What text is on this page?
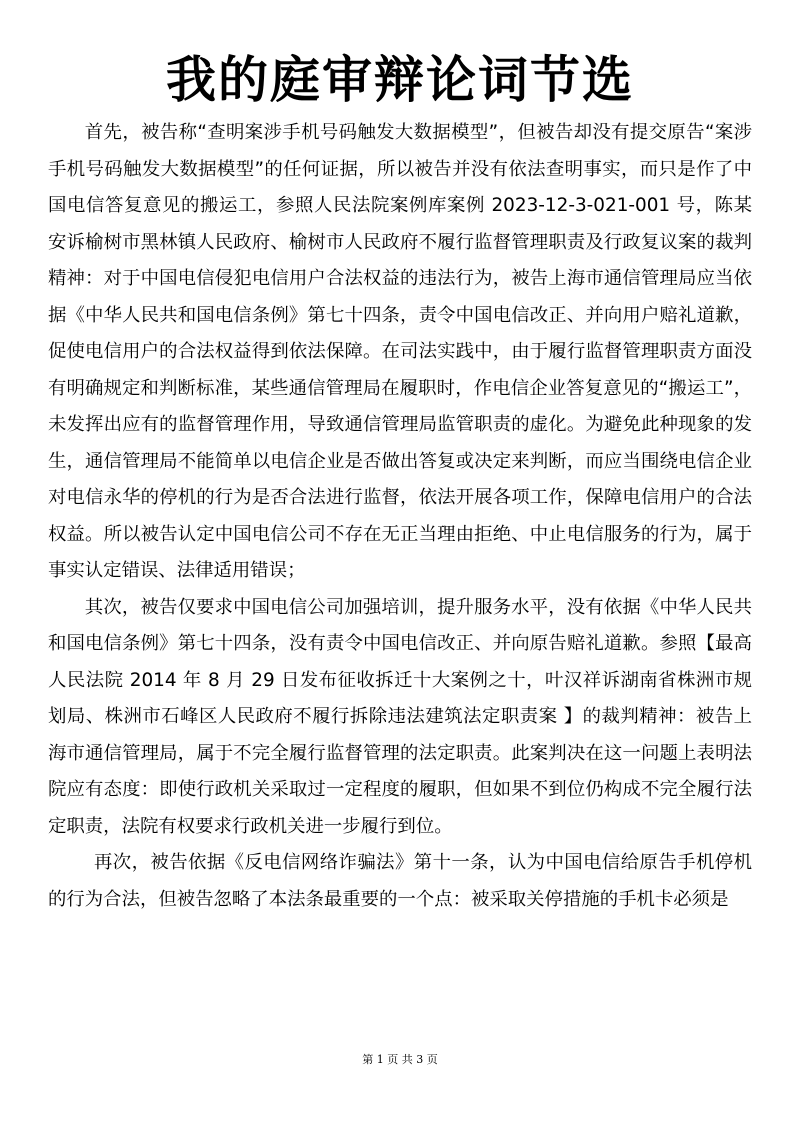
我的庭审辩论词节选

首先，被告称“查明案涉手机号码触发大数据模型”，但被告却没有提交原告“案涉手机号码触发大数据模型”的任何证据，所以被告并没有依法查明事实，而只是作了中国电信答复意见的搬运工，参照人民法院案例库案例 2023-12-3-021-001 号，陈某安诉榆树市黑林镇人民政府、榆树市人民政府不履行监督管理职责及行政复议案的裁判精神：对于中国电信侵犯电信用户合法权益的违法行为，被告上海市通信管理局应当依据《中华人民共和国电信条例》第七十四条，责令中国电信改正、并向用户赔礼道歉，促使电信用户的合法权益得到依法保障。在司法实践中，由于履行监督管理职责方面没有明确规定和判断标准，某些通信管理局在履职时，作电信企业答复意见的“搬运工”，未发挥出应有的监督管理作用，导致通信管理局监管职责的虚化。为避免此种现象的发生，通信管理局不能简单以电信企业是否做出答复或决定来判断，而应当围绕电信企业对电信永华的停机的行为是否合法进行监督，依法开展各项工作，保障电信用户的合法权益。所以被告认定中国电信公司不存在无正当理由拒绝、中止电信服务的行为，属于事实认定错误、法律适用错误；

其次，被告仅要求中国电信公司加强培训，提升服务水平，没有依据《中华人民共和国电信条例》第七十四条，没有责令中国电信改正、并向原告赔礼道歉。参照【最高人民法院 2014 年 8 月 29 日发布征收拆迁十大案例之十，叶汉祥诉湖南省株洲市规划局、株洲市石峰区人民政府不履行拆除违法建筑法定职责案 】的裁判精神：被告上海市通信管理局，属于不完全履行监督管理的法定职责。此案判决在这一问题上表明法院应有态度：即使行政机关采取过一定程度的履职，但如果不到位仍构成不完全履行法定职责，法院有权要求行政机关进一步履行到位。

再次，被告依据《反电信网络诈骗法》第十一条，认为中国电信给原告手机停机的行为合法，但被告忽略了本法条最重要的一个点：被采取关停措施的手机卡必须是

第 1 页 共 3 页
